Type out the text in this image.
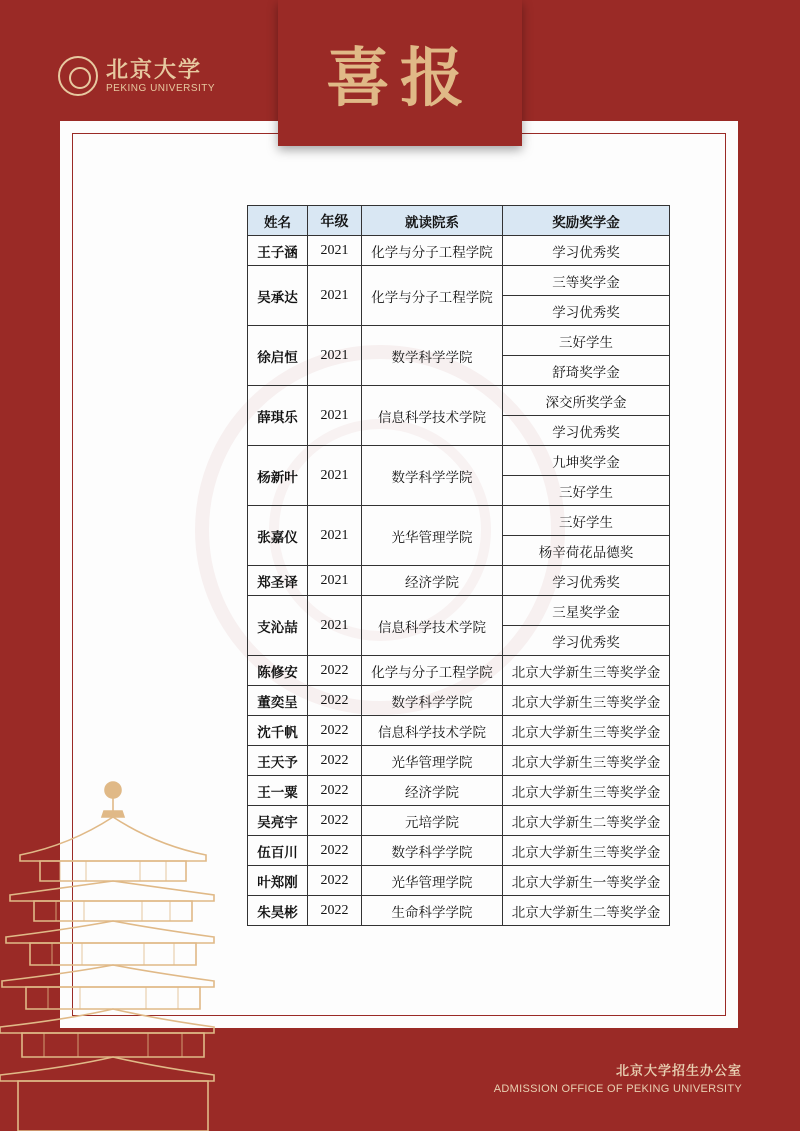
北京大学
PEKING UNIVERSITY 喜报
姓名	年级	就读院系	奖励奖学金
王子涵	2021	化学与分子工程学院	学习优秀奖
吴承达	2021	化学与分子工程学院	三等奖学金
			学习优秀奖
徐启恒	2021	数学科学学院	三好学生
			舒琦奖学金
薛琪乐	2021	信息科学技术学院	深交所奖学金
			学习优秀奖
杨新叶	2021	数学科学学院	九坤奖学金
			三好学生
张嘉仪	2021	光华管理学院	三好学生
			杨辛荷花品德奖
郑圣译	2021	经济学院	学习优秀奖
支沁喆	2021	信息科学技术学院	三星奖学金
			学习优秀奖
陈修安	2022	化学与分子工程学院	北京大学新生三等奖学金
董奕呈	2022	数学科学学院	北京大学新生三等奖学金
沈千帆	2022	信息科学技术学院	北京大学新生三等奖学金
王天予	2022	光华管理学院	北京大学新生三等奖学金
王一粟	2022	经济学院	北京大学新生三等奖学金
吴亮宇	2022	元培学院	北京大学新生二等奖学金
伍百川	2022	数学科学学院	北京大学新生三等奖学金
叶郑刚	2022	光华管理学院	北京大学新生一等奖学金
朱昊彬	2022	生命科学学院	北京大学新生二等奖学金
北京大学招生办公室
ADMISSION OFFICE OF PEKING UNIVERSITY
